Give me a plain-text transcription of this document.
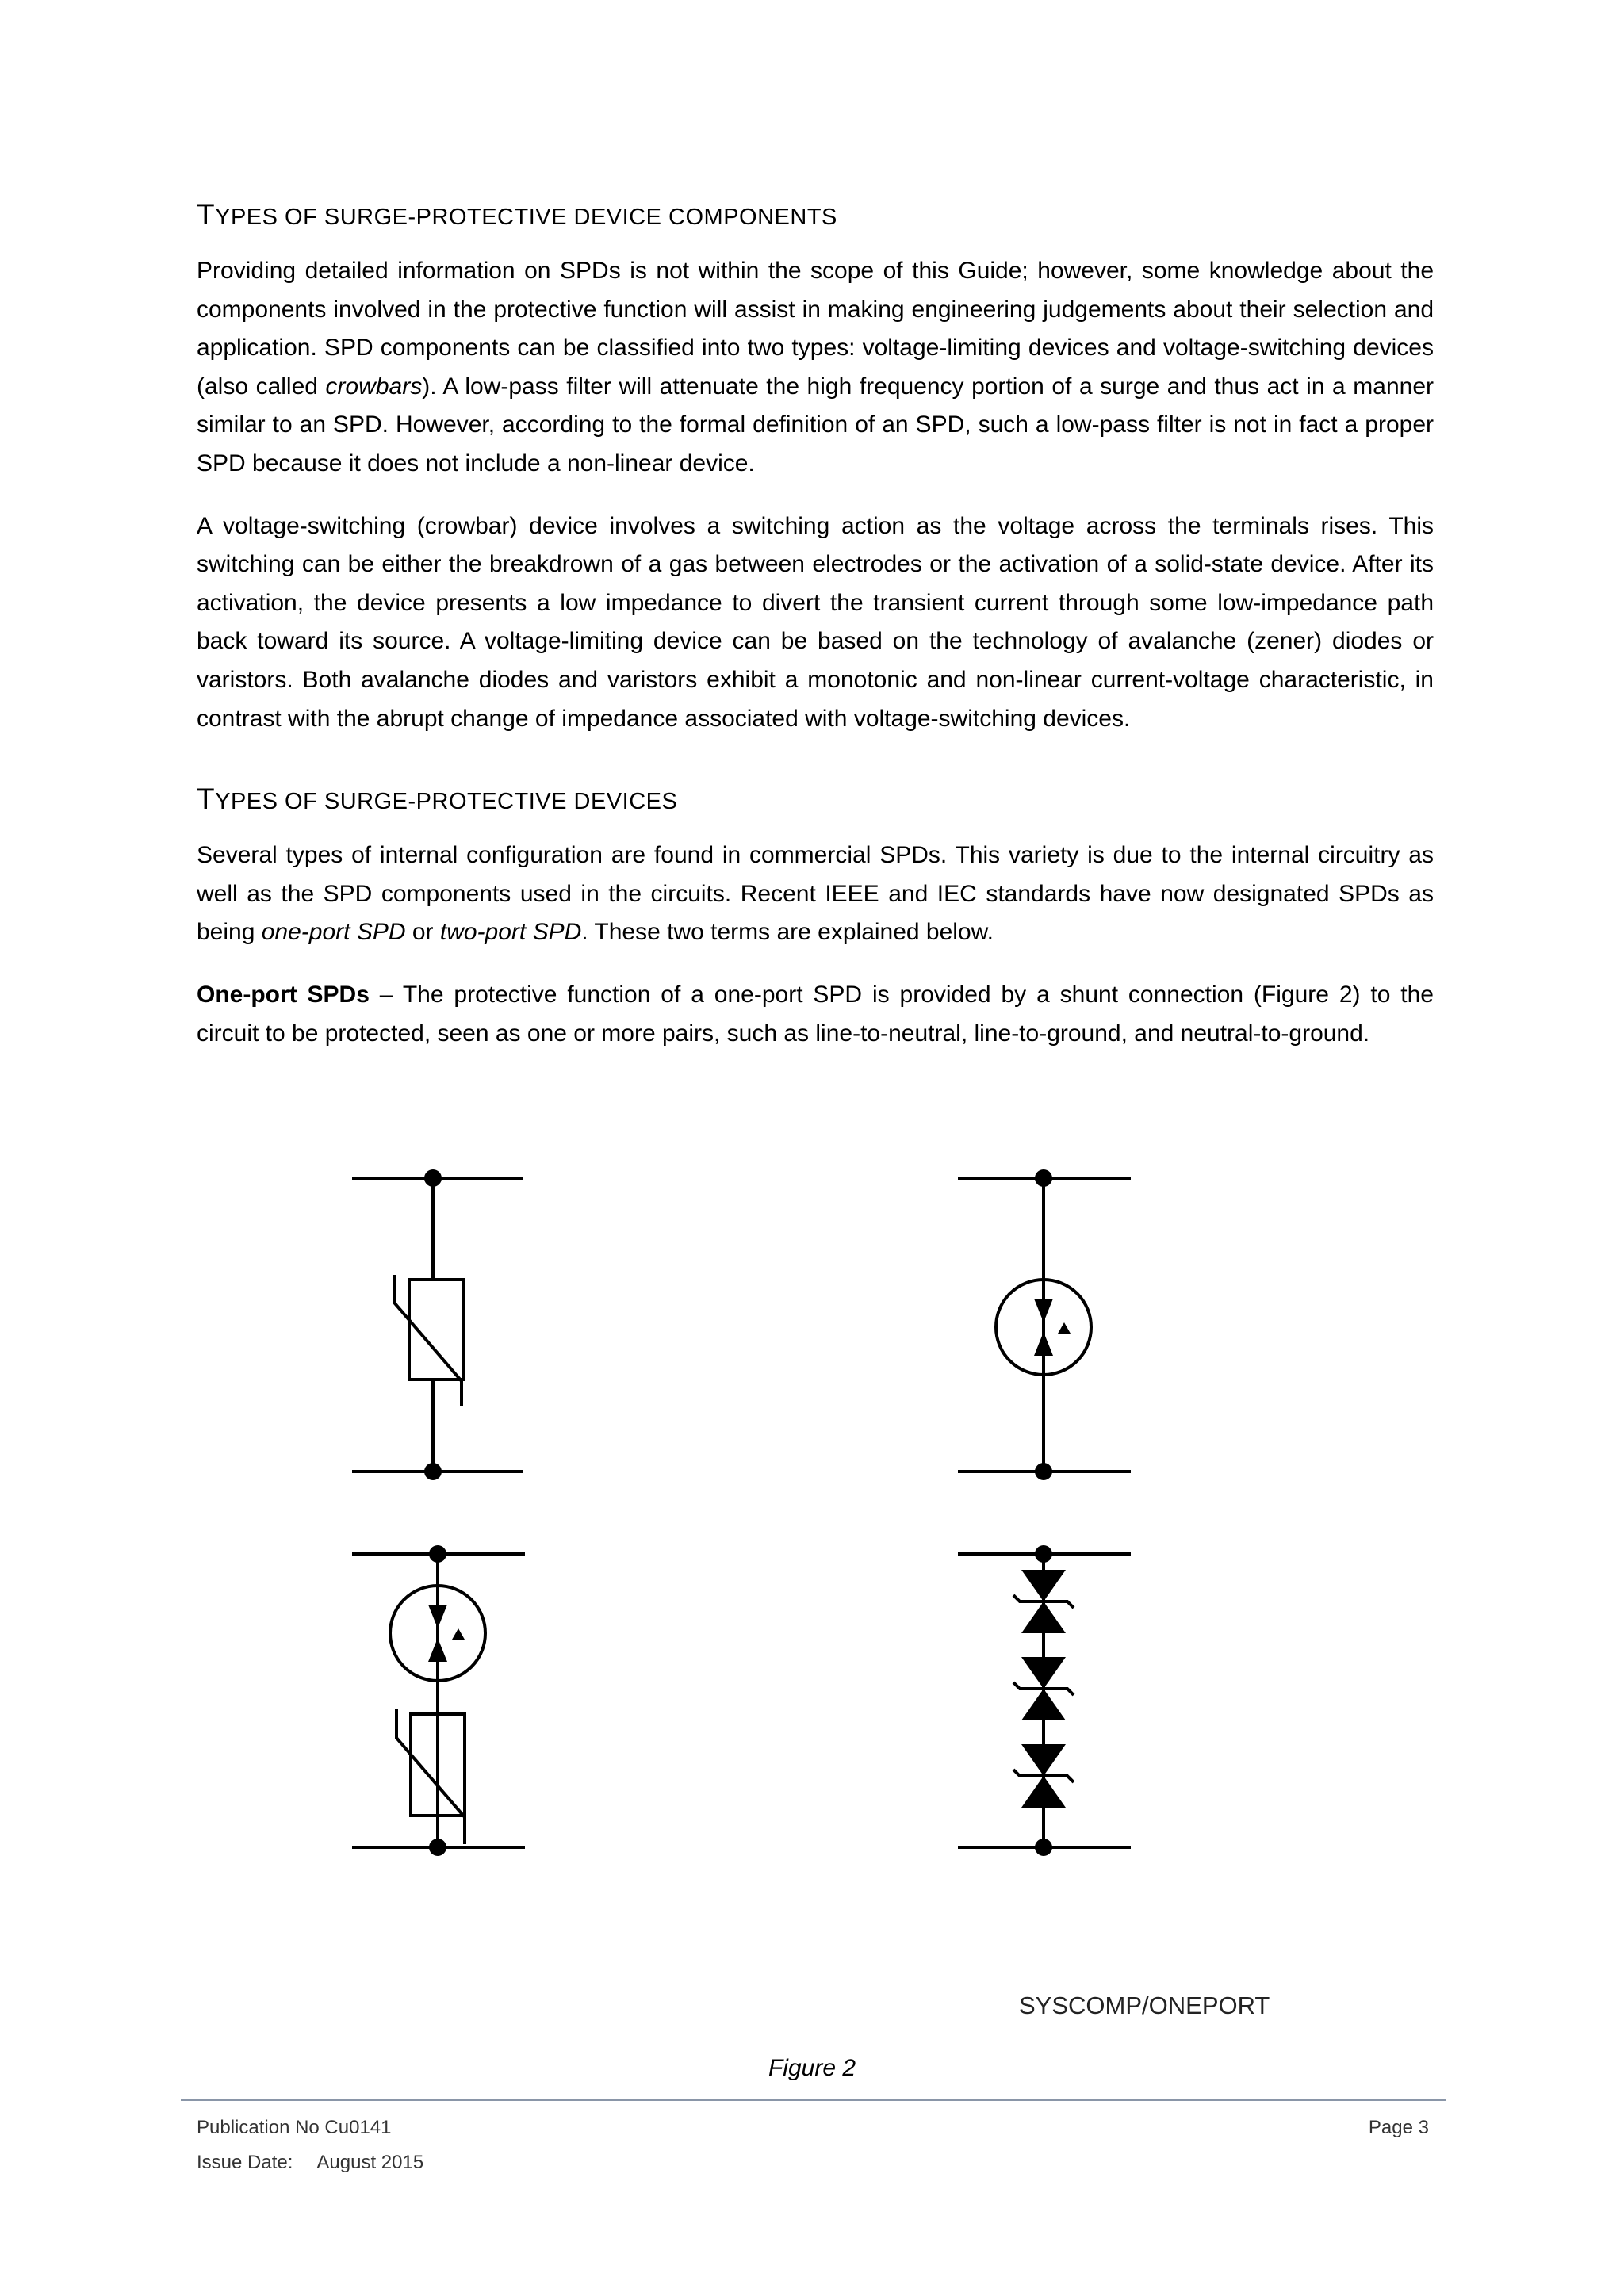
TYPES OF SURGE-PROTECTIVE DEVICE COMPONENTS

Providing detailed information on SPDs is not within the scope of this Guide; however, some knowledge about the components involved in the protective function will assist in making engineering judgements about their selection and application. SPD components can be classified into two types: voltage-limiting devices and voltage-switching devices (also called crowbars). A low-pass filter will attenuate the high frequency portion of a surge and thus act in a manner similar to an SPD. However, according to the formal definition of an SPD, such a low-pass filter is not in fact a proper SPD because it does not include a non-linear device.

A voltage-switching (crowbar) device involves a switching action as the voltage across the terminals rises. This switching can be either the breakdrown of a gas between electrodes or the activation of a solid-state device. After its activation, the device presents a low impedance to divert the transient current through some low-impedance path back toward its source. A voltage-limiting device can be based on the technology of avalanche (zener) diodes or varistors. Both avalanche diodes and varistors exhibit a monotonic and non-linear current-voltage characteristic, in contrast with the abrupt change of impedance associated with voltage-switching devices.

TYPES OF SURGE-PROTECTIVE DEVICES

Several types of internal configuration are found in commercial SPDs. This variety is due to the internal circuitry as well as the SPD components used in the circuits. Recent IEEE and IEC standards have now designated SPDs as being one-port SPD or two-port SPD. These two terms are explained below.

One-port SPDs – The protective function of a one-port SPD is provided by a shunt connection (Figure 2) to the circuit to be protected, seen as one or more pairs, such as line-to-neutral, line-to-ground, and neutral-to-ground.

SYSCOMP/ONEPORT
Figure 2
Publication No Cu0141
Issue Date: August 2015
Page 3
